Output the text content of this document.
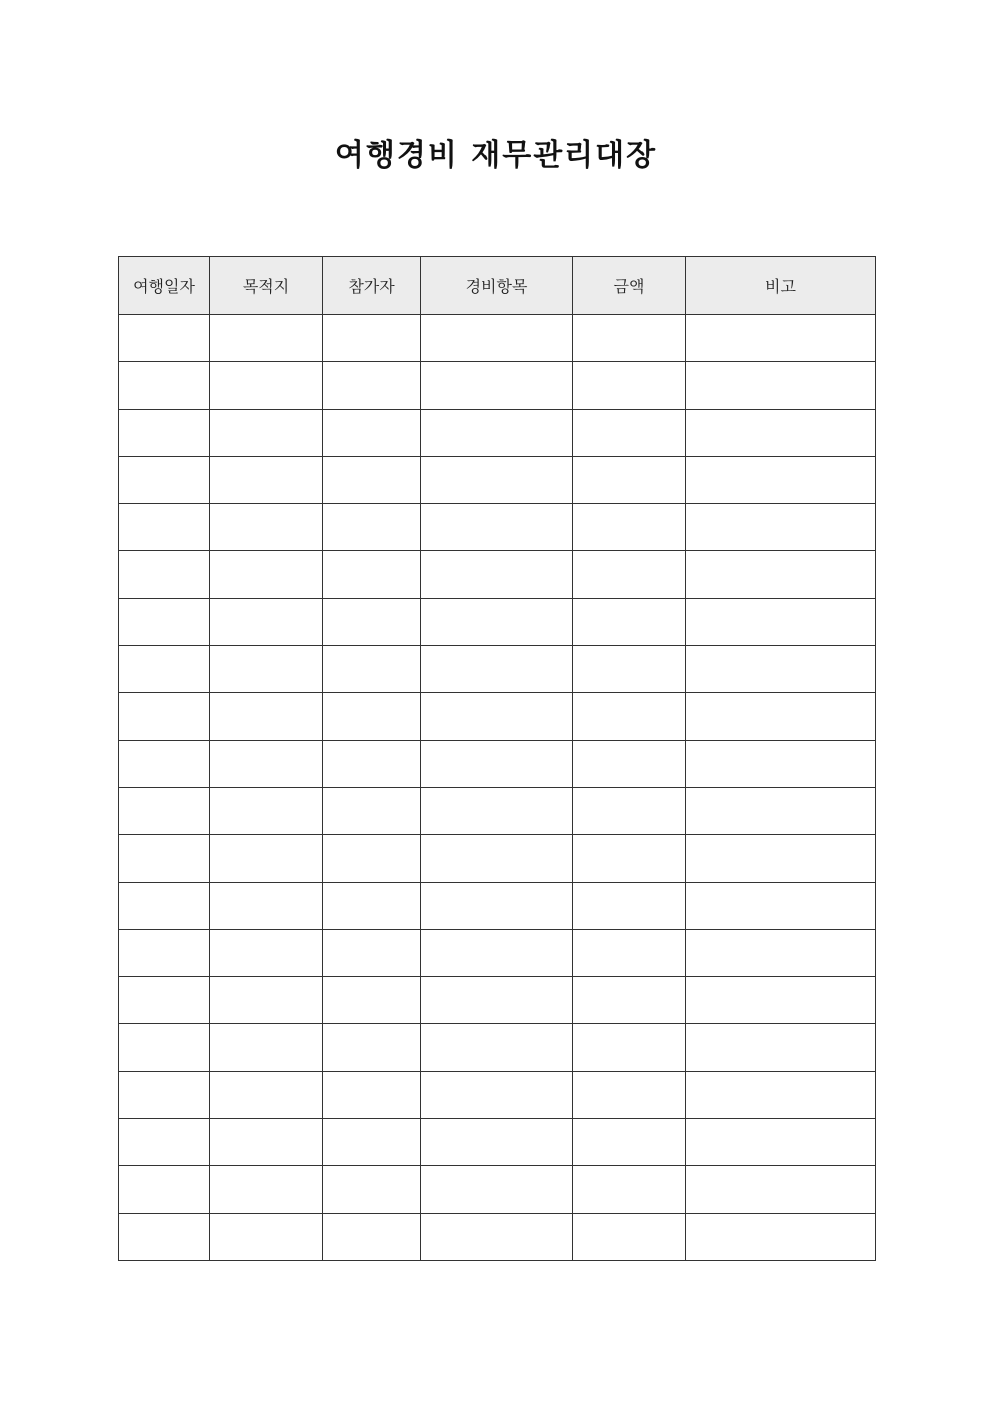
여행경비 재무관리대장
여행일자	목적지	참가자	경비항목	금액	비고
